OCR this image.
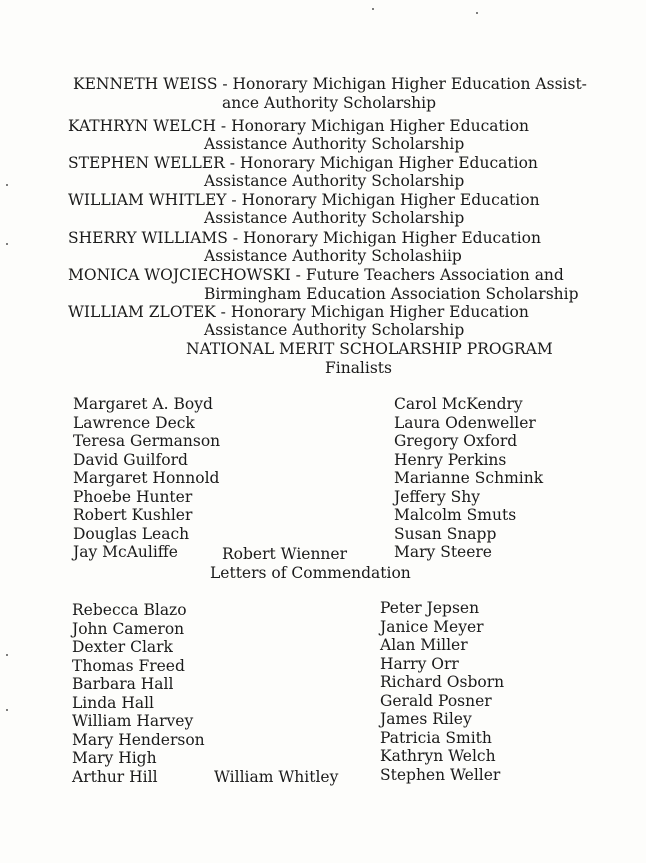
KENNETH WEISS - Honorary Michigan Higher Education Assist-
ance Authority Scholarship
KATHRYN WELCH - Honorary Michigan Higher Education
Assistance Authority Scholarship
STEPHEN WELLER - Honorary Michigan Higher Education
Assistance Authority Scholarship
WILLIAM WHITLEY - Honorary Michigan Higher Education
Assistance Authority Scholarship
SHERRY WILLIAMS - Honorary Michigan Higher Education
Assistance Authority Scholashiip
MONICA WOJCIECHOWSKI - Future Teachers Association and
Birmingham Education Association Scholarship
WILLIAM ZLOTEK - Honorary Michigan Higher Education
Assistance Authority Scholarship
NATIONAL MERIT SCHOLARSHIP PROGRAM
Finalists
Margaret A. Boyd
Lawrence Deck
Teresa Germanson
David Guilford
Margaret Honnold
Phoebe Hunter
Robert Kushler
Douglas Leach
Jay McAuliffe	Robert Wienner
Carol McKendry
Laura Odenweller
Gregory Oxford
Henry Perkins
Marianne Schmink
Jeffery Shy
Malcolm Smuts
Susan Snapp
Mary Steere
Letters of Commendation
Rebecca Blazo
John Cameron
Dexter Clark
Thomas Freed
Barbara Hall
Linda Hall
William Harvey
Mary Henderson
Mary High
Arthur Hill	William Whitley
Peter Jepsen
Janice Meyer
Alan Miller
Harry Orr
Richard Osborn
Gerald Posner
James Riley
Patricia Smith
Kathryn Welch
Stephen Weller
